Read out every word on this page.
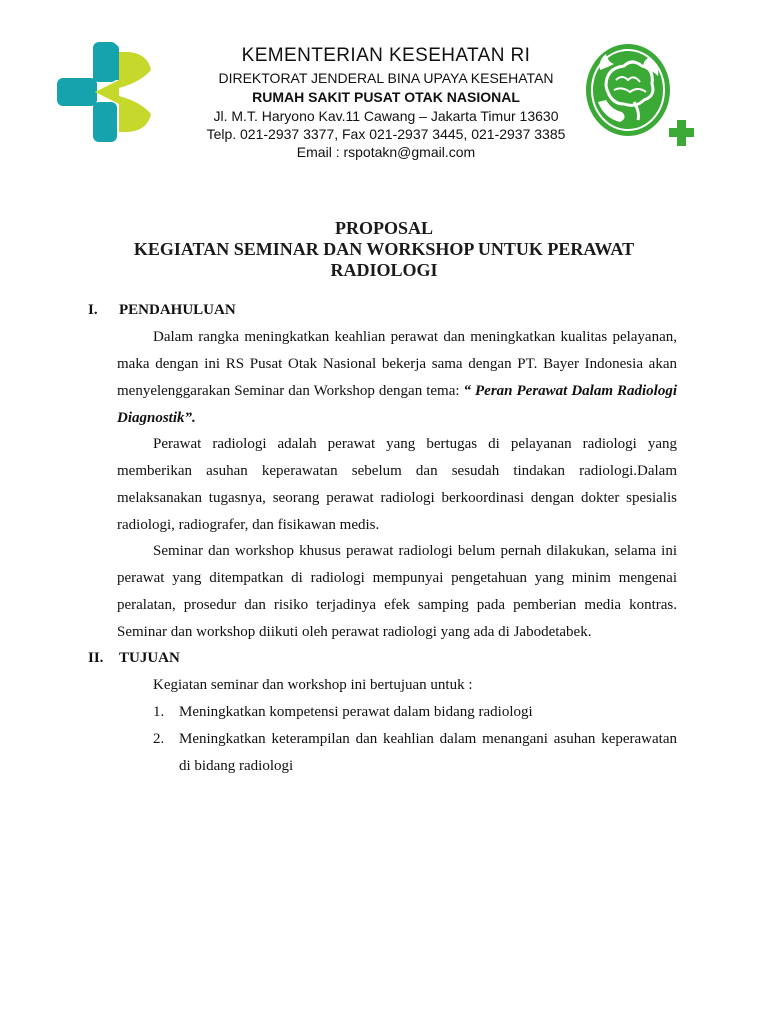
KEMENTERIAN KESEHATAN RI
DIREKTORAT JENDERAL BINA UPAYA KESEHATAN
RUMAH SAKIT PUSAT OTAK NASIONAL
Jl. M.T. Haryono Kav.11 Cawang – Jakarta Timur 13630
Telp. 021-2937 3377, Fax 021-2937 3445, 021-2937 3385
Email : rspotakn@gmail.com
PROPOSAL
KEGIATAN SEMINAR DAN WORKSHOP UNTUK PERAWAT
RADIOLOGI
I. PENDAHULUAN

Dalam rangka meningkatkan keahlian perawat dan meningkatkan kualitas pelayanan, maka dengan ini RS Pusat Otak Nasional bekerja sama dengan PT. Bayer Indonesia akan menyelenggarakan Seminar dan Workshop dengan tema: “ Peran Perawat Dalam Radiologi Diagnostik”.

Perawat radiologi adalah perawat yang bertugas di pelayanan radiologi yang memberikan asuhan keperawatan sebelum dan sesudah tindakan radiologi.Dalam melaksanakan tugasnya, seorang perawat radiologi berkoordinasi dengan dokter spesialis radiologi, radiografer, dan fisikawan medis.

Seminar dan workshop khusus perawat radiologi belum pernah dilakukan, selama ini perawat yang ditempatkan di radiologi mempunyai pengetahuan yang minim mengenai peralatan, prosedur dan risiko terjadinya efek samping pada pemberian media kontras. Seminar dan workshop diikuti oleh perawat radiologi yang ada di Jabodetabek.

II. TUJUAN
Kegiatan seminar dan workshop ini bertujuan untuk :
1. Meningkatkan kompetensi perawat dalam bidang radiologi
2. Meningkatkan keterampilan dan keahlian dalam menangani asuhan keperawatan di bidang radiologi
